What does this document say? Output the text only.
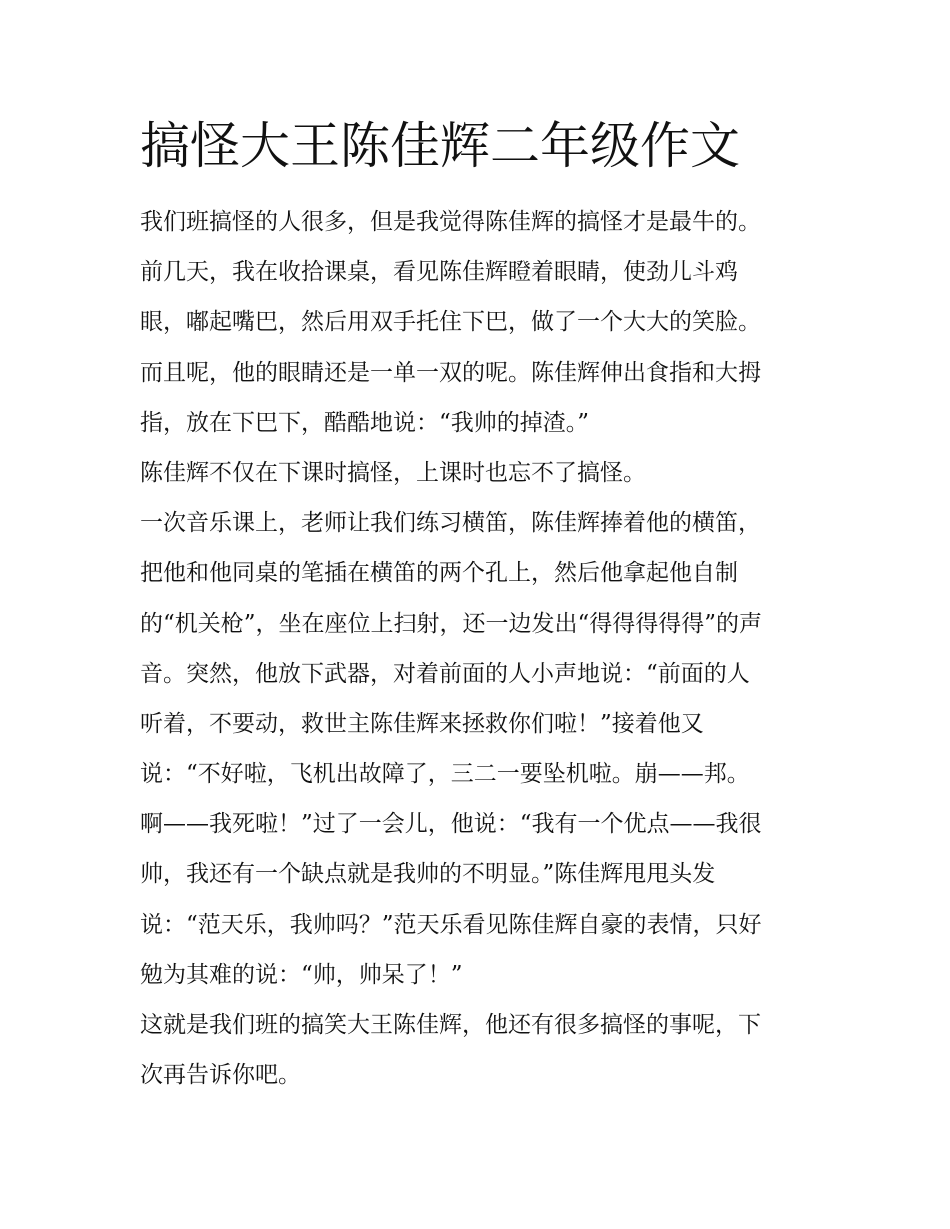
搞怪大王陈佳辉二年级作文
我们班搞怪的人很多，但是我觉得陈佳辉的搞怪才是最牛的。
前几天，我在收拾课桌，看见陈佳辉瞪着眼睛，使劲儿斗鸡
眼，嘟起嘴巴，然后用双手托住下巴，做了一个大大的笑脸。
而且呢，他的眼睛还是一单一双的呢。陈佳辉伸出食指和大拇
指，放在下巴下，酷酷地说：“我帅的掉渣。”
陈佳辉不仅在下课时搞怪，上课时也忘不了搞怪。
一次音乐课上，老师让我们练习横笛，陈佳辉捧着他的横笛，
把他和他同桌的笔插在横笛的两个孔上，然后他拿起他自制
的“机关枪”，坐在座位上扫射，还一边发出“得得得得得”的声
音。突然，他放下武器，对着前面的人小声地说：“前面的人
听着，不要动，救世主陈佳辉来拯救你们啦！”接着他又
说：“不好啦，飞机出故障了，三二一要坠机啦。崩——邦。
啊——我死啦！”过了一会儿，他说：“我有一个优点——我很
帅，我还有一个缺点就是我帅的不明显。”陈佳辉甩甩头发
说：“范天乐，我帅吗？”范天乐看见陈佳辉自豪的表情，只好
勉为其难的说：“帅，帅呆了！”
这就是我们班的搞笑大王陈佳辉，他还有很多搞怪的事呢，下
次再告诉你吧。
